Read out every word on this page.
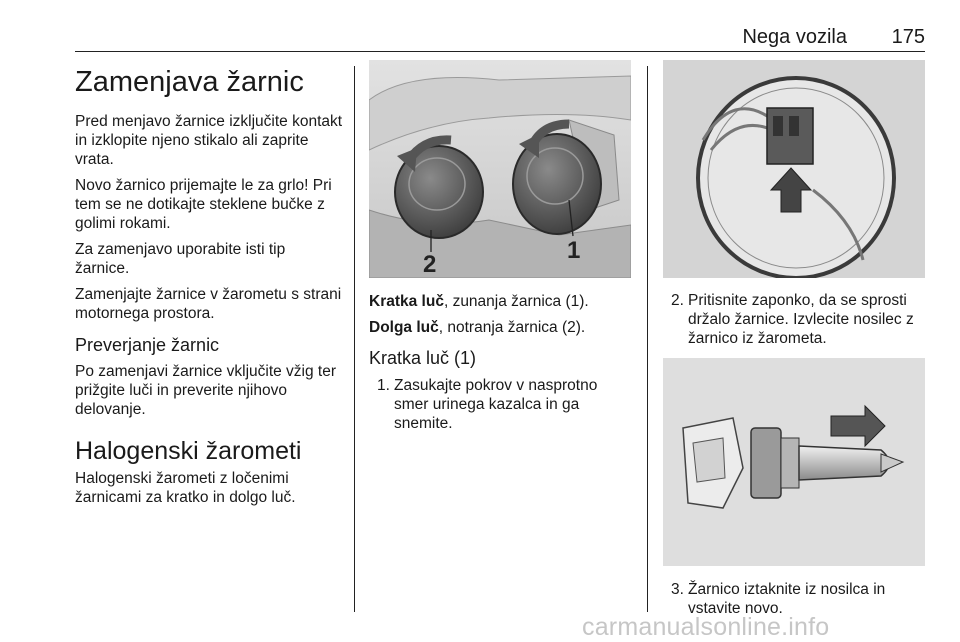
Nega vozila 175
Zamenjava žarnic

Pred menjavo žarnice izključite kontakt in izklopite njeno stikalo ali zaprite vrata.

Novo žarnico prijemajte le za grlo! Pri tem se ne dotikajte steklene bučke z golimi rokami.

Za zamenjavo uporabite isti tip žarnice.

Zamenjajte žarnice v žarometu s strani motornega prostora.

Preverjanje žarnic

Po zamenjavi žarnice vključite vžig ter prižgite luči in preverite njihovo delovanje.

Halogenski žarometi

Halogenski žarometi z ločenimi žarnicami za kratko in dolgo luč.

2
1

Kratka luč, zunanja žarnica (1).

Dolga luč, notranja žarnica (2).

Kratka luč (1)
1. Zasukajte pokrov v nasprotno smer urinega kazalca in ga snemite.
2. Pritisnite zaponko, da se sprosti držalo žarnice. Izvlecite nosilec z žarnico iz žarometa.
3. Žarnico iztaknite iz nosilca in vstavite novo.
carmanualsonline.info
